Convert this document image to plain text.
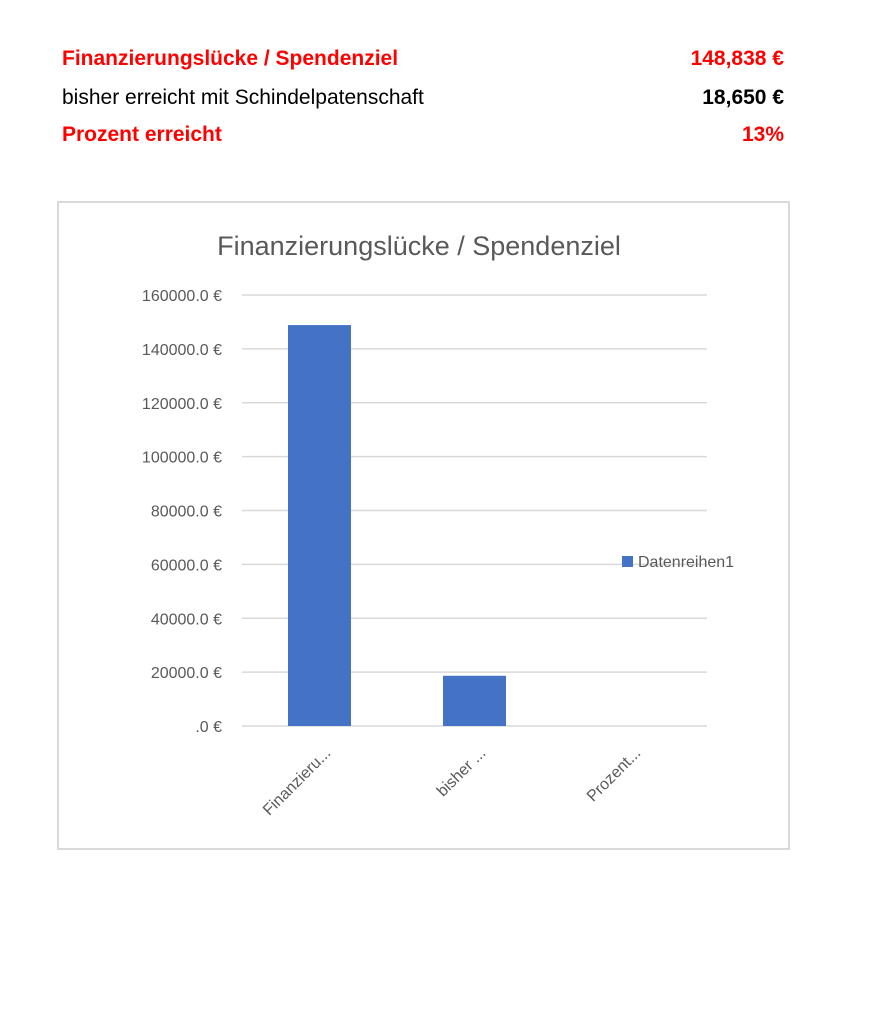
Finanzierungslücke / Spendenziel	148,838 €
bisher erreicht mit Schindelpatenschaft	18,650 €
Prozent erreicht	13%
Finanzierungslücke / Spendenziel
.0 €
20000.0 €
40000.0 €
60000.0 €
80000.0 €
100000.0 €
120000.0 €
140000.0 €
160000.0 €
Finanzieru...	bisher ...	Prozent...
Datenreihen1
